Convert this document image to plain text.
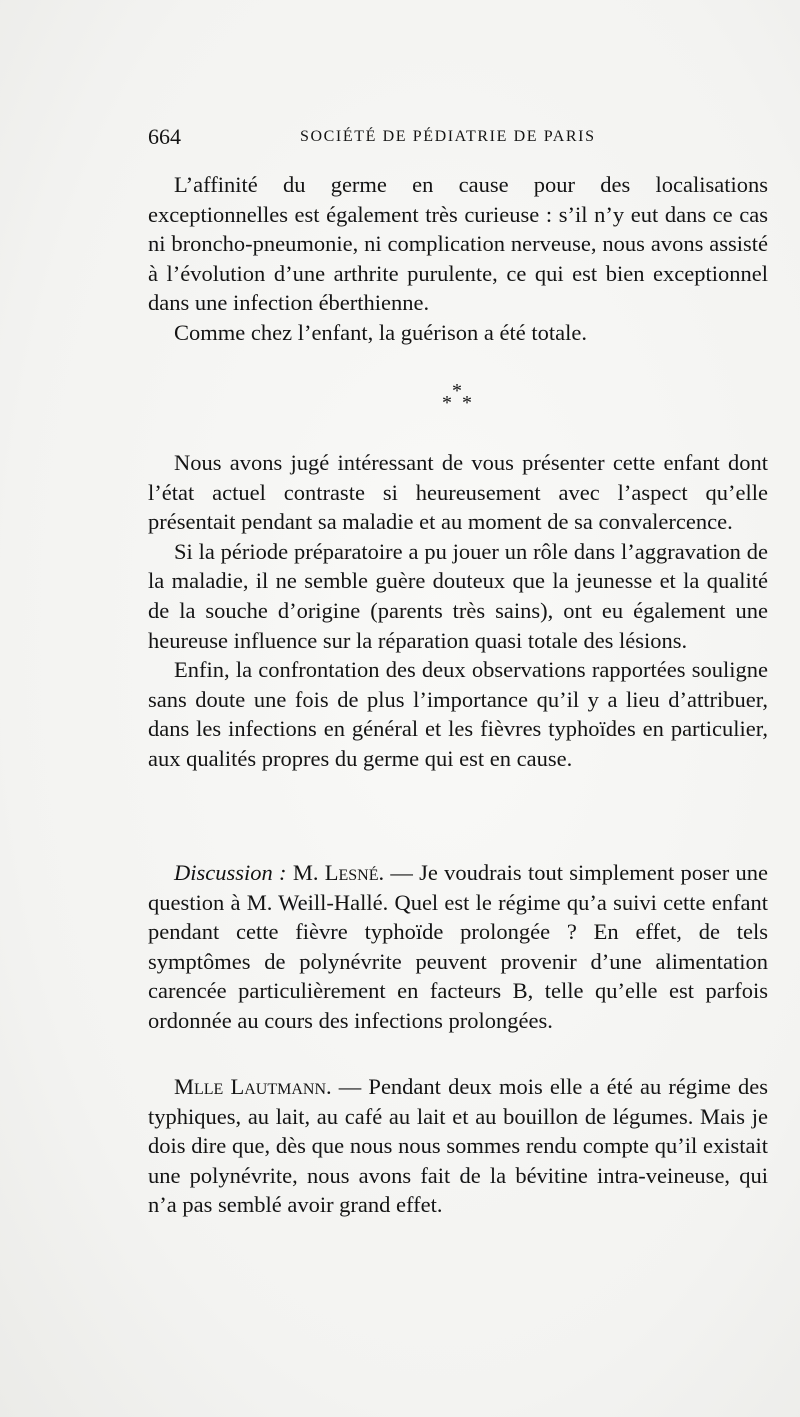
664	SOCIÉTÉ DE PÉDIATRIE DE PARIS

L’affinité du germe en cause pour des localisations exceptionnelles est également très curieuse : s’il n’y eut dans ce cas ni broncho-pneumonie, ni complication nerveuse, nous avons assisté à l’évolution d’une arthrite purulente, ce qui est bien exceptionnel dans une infection éberthienne.

Comme chez l’enfant, la guérison a été totale.

*
* *

Nous avons jugé intéressant de vous présenter cette enfant dont l’état actuel contraste si heureusement avec l’aspect qu’elle présentait pendant sa maladie et au moment de sa convalercence.

Si la période préparatoire a pu jouer un rôle dans l’aggravation de la maladie, il ne semble guère douteux que la jeunesse et la qualité de la souche d’origine (parents très sains), ont eu également une heureuse influence sur la réparation quasi totale des lésions.

Enfin, la confrontation des deux observations rapportées souligne sans doute une fois de plus l’importance qu’il y a lieu d’attribuer, dans les infections en général et les fièvres typhoïdes en particulier, aux qualités propres du germe qui est en cause.

Discussion : M. Lesné. — Je voudrais tout simplement poser une question à M. Weill-Hallé. Quel est le régime qu’a suivi cette enfant pendant cette fièvre typhoïde prolongée ? En effet, de tels symptômes de polynévrite peuvent provenir d’une alimentation carencée particulièrement en facteurs B, telle qu’elle est parfois ordonnée au cours des infections prolongées.

Mlle Lautmann. — Pendant deux mois elle a été au régime des typhiques, au lait, au café au lait et au bouillon de légumes. Mais je dois dire que, dès que nous nous sommes rendu compte qu’il existait une polynévrite, nous avons fait de la bévitine intra-veineuse, qui n’a pas semblé avoir grand effet.
